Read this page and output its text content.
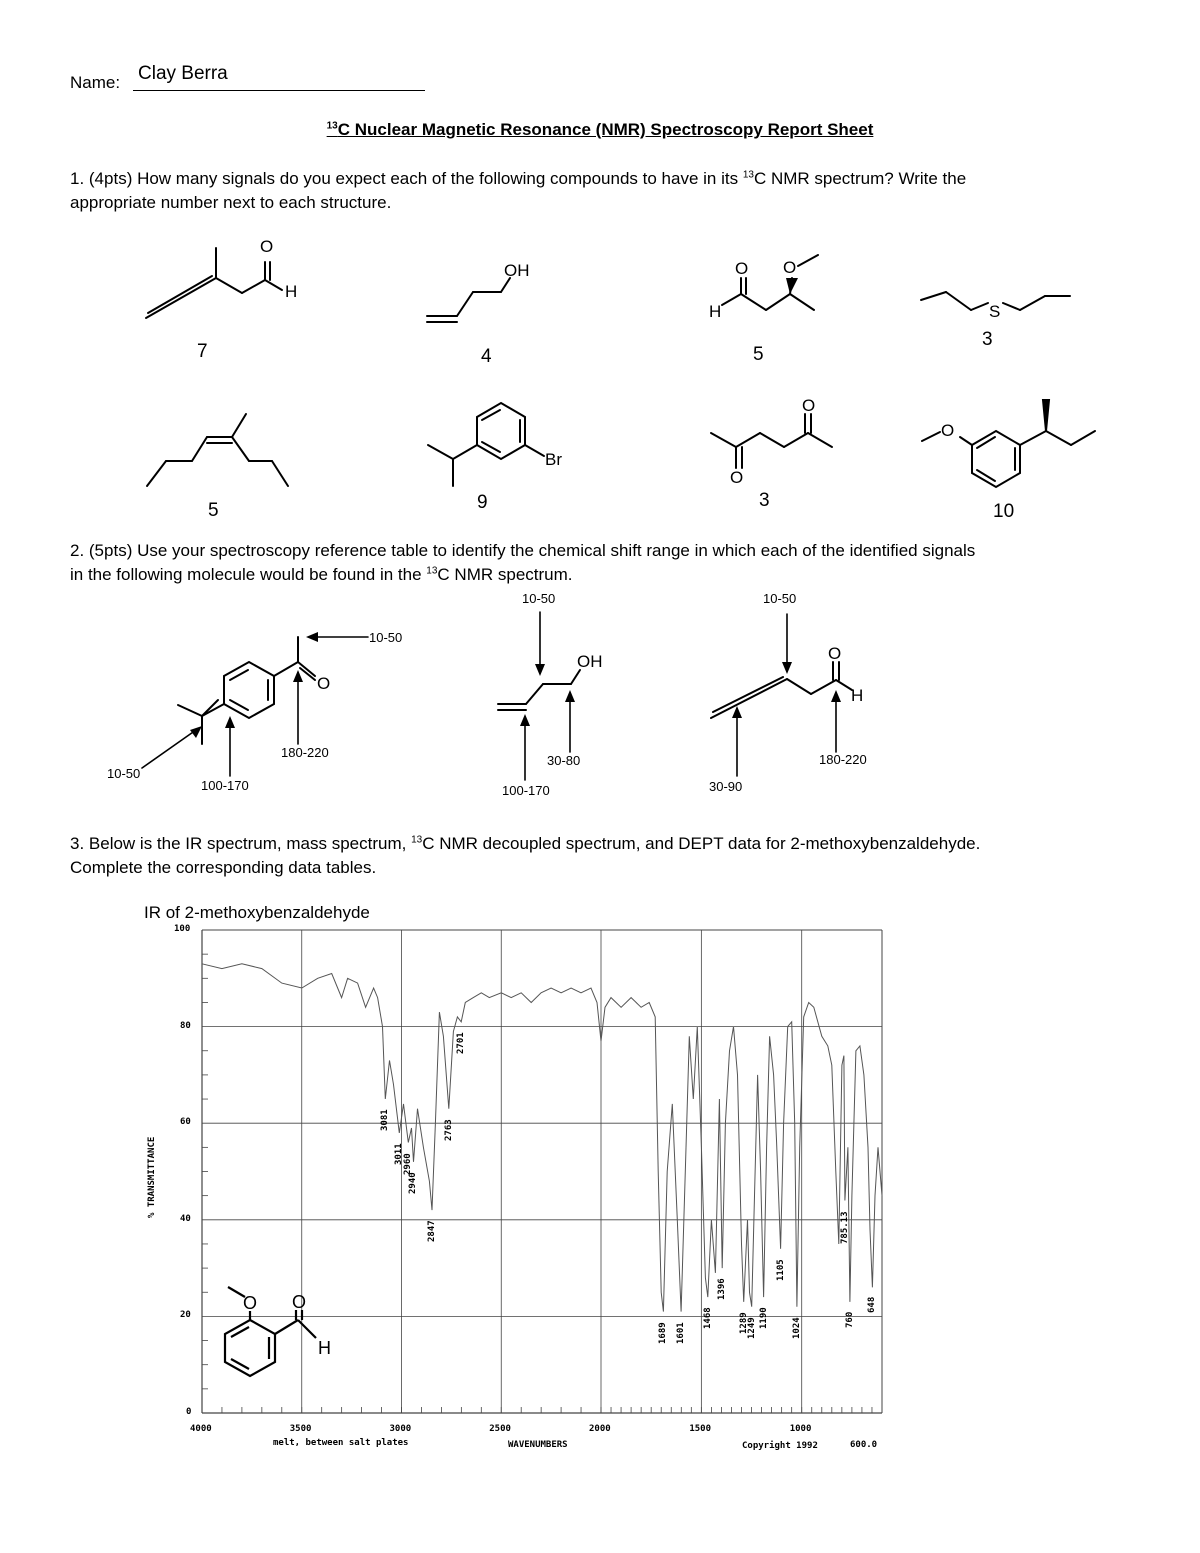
Name: Clay Berra
$^{13}$C Nuclear Magnetic Resonance (NMR) Spectroscopy Report Sheet
1. (4pts) How many signals do you expect each of the following compounds to have in its $^{13}$C NMR spectrum? Write the
appropriate number next to each structure.
7	4	5
3
5	9	3
10
O
H
OH	O O
H	S
Br
O
O
O
2. (5pts) Use your spectroscopy reference table to identify the chemical shift range in which each of the identified signals
in the following molecule would be found in the $^{13}$C NMR spectrum.
10-50
10-50
100-170
180-220
10-50
100-170
30-80
10-50
30-90
180-220
O
OH	O
H
3. Below is the IR spectrum, mass spectrum, $^{13}$C NMR decoupled spectrum, and DEPT data for 2-methoxybenzaldehyde.
Complete the corresponding data tables.
IR of 2-methoxybenzaldehyde
O O
H
100
80
60
40
20
0
4000	3500	3000	2500	2000	1500	1000
3081
3011
2960
2940
2847
2763
2701
1689 1601
1468
1396
1289
1249 1190
1105
1024
785.13
760
648
% TRANSMITTANCE
WAVENUMBERS
melt, between salt plates	Copyright 1992	600.0
